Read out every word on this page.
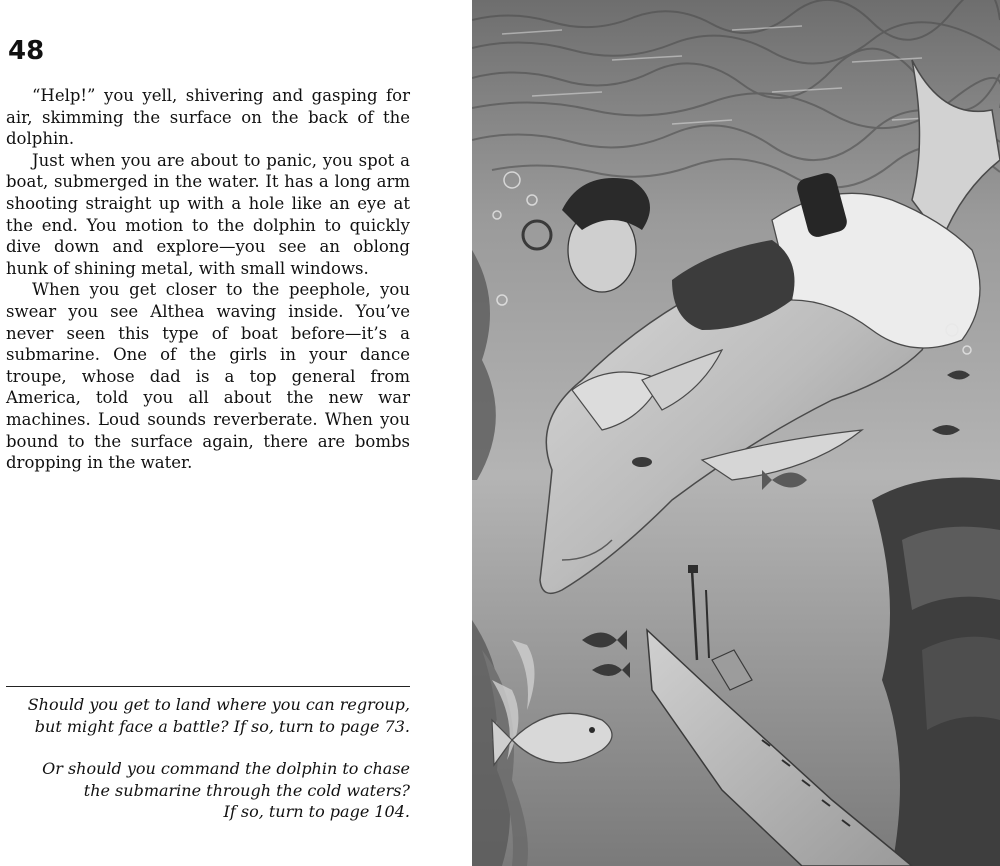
48

“Help!” you yell, shivering and gasping for air, skimming the surface on the back of the dolphin.

Just when you are about to panic, you spot a boat, submerged in the water. It has a long arm shooting straight up with a hole like an eye at the end. You motion to the dolphin to quickly dive down and explore—you see an oblong hunk of shining metal, with small windows.

When you get closer to the peephole, you swear you see Althea waving inside. You’ve never seen this type of boat before—it’s a submarine. One of the girls in your dance troupe, whose dad is a top general from America, told you all about the new war machines. Loud sounds reverberate. When you bound to the surface again, there are bombs dropping in the water.

Should you get to land where you can regroup,

but might face a battle? If so, turn to page 73.

Or should you command the dolphin to chase

the submarine through the cold waters?

If so, turn to page 104.
